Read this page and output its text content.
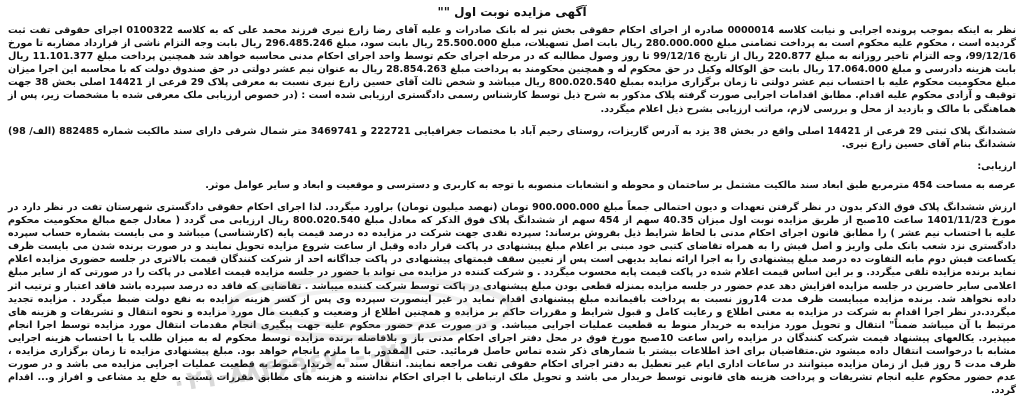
آگهی مزایده نوبت اول ""
نظر به اینکه بموجب پرونده اجرایی و نیابت کلاسه 0000014 صادره از اجرای احکام حقوقی بخش نیر له بانک صادرات و علیه آقای رضا زارع نیری فرزند محمد علی که به کلاسه 0100322 اجرای حقوقی تفت ثبت گردیده است ، محکوم علیه محکوم است به پرداخت تضامنی مبلغ 280.000.000 ریال بابت اصل تسهیلات، مبلغ 25.500.000 ریال بابت سود، مبلغ 296.485.246 ریال بابت وجه التزام ناشی از قرارداد مضاربه تا مورخ 99/12/16، وجه التزام تاخیر روزانه به مبلغ 220.877 ریال از تاریخ 99/12/16 تا روز وصول مطالبه که در مرحله اجرای حکم توسط واحد اجرای احکام مدنی محاسبه خواهد شد همچنین پرداخت مبلغ 11.101.377 ریال بابت هزینه دادرسی و مبلغ 17.064.000 ریال بابت حق الوکاله وکیل در حق محکوم له و همچنین محکومند به پرداخت مبلغ 28.854.263 ریال به عنوان نیم عشر دولتی در حق صندوق دولت که با محاسبه این اجرا میزان مبلغ محکومیت محکوم علیه با احتساب نیم عشر دولتی تا زمان برگزاری مزایده بمبلغ 800.020.540 ریال میباشد و شخص ثالث آقای حسین زارع نیری نسبت به معرفی پلاک 29 فرعی از 14421 اصلی بخش 38 جهت توقیف و آزادی محکوم علیه اقدام. مطابق اقدامات اجرایی صورت گرفته پلاک مذکور به شرح ذیل توسط کارشناس رسمی دادگستری ارزیابی شده است : (در خصوص ارزیابی ملک معرفی شده با مشخصات زیر، پس از هماهنگی با مالک و بازدید از محل و بررسی لازم، مراتب ارزیابی بشرح ذیل اعلام میگردد.
ششدانگ پلاک ثبتی 29 فرعی از 14421 اصلی واقع در بخش 38 یزد به آدرس گاریزات، روستای رحیم آباد با مختصات جغرافیایی 222721 و 3469741 متر شمال شرقی دارای سند مالکیت شماره 882485 (الف/ 98) ششدانگ بنام آقای حسین زارع نیری.
ارزیابی:
عرصه به مساحت 454 مترمربع طبق ابعاد سند مالکیت مشتمل بر ساختمان و محوطه و انشعابات منصوبه با توجه به کاربری و دسترسی و موقعیت و ابعاد و سایر عوامل موثر.
ارزش ششدانگ پلاک فوق الذکر بدون در نظر گرفتن تعهدات و دیون احتمالی جمعاً مبلغ 900.000.000 تومان (نهصد میلیون تومان) براورد میگردد. لذا اجرای احکام حقوقی دادگستری شهرستان تفت در نظر دارد در مورخ 1401/11/23 ساعت 10صبح از طریق مزایده نوبت اول میزان 40.35 سهم از 454 سهم از ششدانگ پلاک فوق الذکر که معادل مبلغ 800.020.540 ریال ارزیابی می گردد ( معادل جمع مبالغ محکومیت محکوم علیه با احتساب نیم عشر ) را مطابق قانون اجرای احکام مدنی با لحاظ شرایط ذیل بفروش برساند: سپرده نقدی جهت شرکت در مزایده ده درصد قیمت پایه (کارشناسی) میباشد و می بایست بشماره حساب سپرده دادگستری نزد شعب بانک ملی واریز و اصل فیش را به همراه تقاضای کتبی خود مبنی بر اعلام مبلغ پیشنهادی در پاکت قرار داده وقبل از ساعت شروع مزایده تحویل نمایند و در صورت برنده شدن می بایست ظرف یکساعت فیش دوم مابه التفاوت ده درصد مبلغ پیشنهادی را به اجرا ارائه نماید بدیهی است پس از تعیین سقف قیمتهای پیشنهادی در پاکت جداگانه احد از شرکت کنندگان قیمت بالاتری در جلسه حضوری مزایده اعلام نماید برنده مزایده تلقی میگردد. و بر این اساس قیمت اعلام شده در پاکت قیمت پایه محسوب میگردد . و شرکت کننده در مزایده می تواند با حضور در جلسه مزایده قیمت اعلامی در پاکت را در صورتی که از سایر مبلغ اعلامی سایر حاضرین در جلسه مزایده افزایش دهد عدم حضور در جلسه مزایده بمنزله قطعی بودن مبلغ پیشنهادی در پاکت توسط شرکت کننده میباشد . تقاضایی که فاقد ده درصد سپرده باشد فاقد اعتبار و ترتیب اثر داده نخواهد شد. برنده مزایده میبایست ظرف مدت 14روز نسبت به پرداخت باقیمانده مبلغ پیشنهادی اقدام نماید در غیر اینصورت سپرده وی پس از کسر هزینه مزایده به نفع دولت ضبط میگردد . مزایده تجدید میگردد.در نظر اجرا اقدام به شرکت در مزایده به معنی اطلاع و رعایت کامل و قبول شرایط و مقررات حاکم بر مزایده و همچنین اطلاع از وضعیت و کیفیت مال مورد مزایده و نحوه انتقال و تشریفات و هزینه های مرتبط با آن میباشد ضمناً" انتقال و تحویل مورد مزایده به خریدار منوط به قطعیت عملیات اجرایی میباشد. و در صورت عدم حضور محکوم علیه جهت پیگیری انجام مقدمات انتقال مورد مزایده توسط اجرا انجام میپذیرد. یکالعهای پیشنهاد قیمت شرکت کنندگان در مزایده راس ساعت 10صبح مورخ فوق در محل دفتر اجرای احکام مدنی باز و بلافاصله برنده مزایده توسط محکوم له به میزان طلب یا با احتساب هزینه اجرایی مشابه با درخواست انتقال داده میشود ش.متقاضیان برای اخذ اطلاعات بیشتر با شمارهای ذکر شده تماس حاصل فرمائید. حتی المقدور با ما ملزم بانجام خواهد بود. مبلغ پیشنهادی مزایده تا زمان برگزاری مزایده ، ظرف مدت 5 روز قبل از زمان مزایده میتوانند در ساعات اداری ایام غیر تعطیل به دفتر اجرای احکام حقوقی تفت مراجعه نمایند. انتقال سند به خریدار منوط به قطعیت عملیات اجرایی مزایده می باشد و در صورت عدم حضور محکوم علیه انجام تشریفات و پرداخت هزینه های قانونی توسط خریدار می باشد و تحویل ملک ارتباطی با اجرای احکام نداشته و هزینه های مطابق مقررات نسبت به خلع ید مشاعی و افراز و... اقدام گردد.
۰۲۱-۸۸۴۶۹۶۷۰-۰۲۱
